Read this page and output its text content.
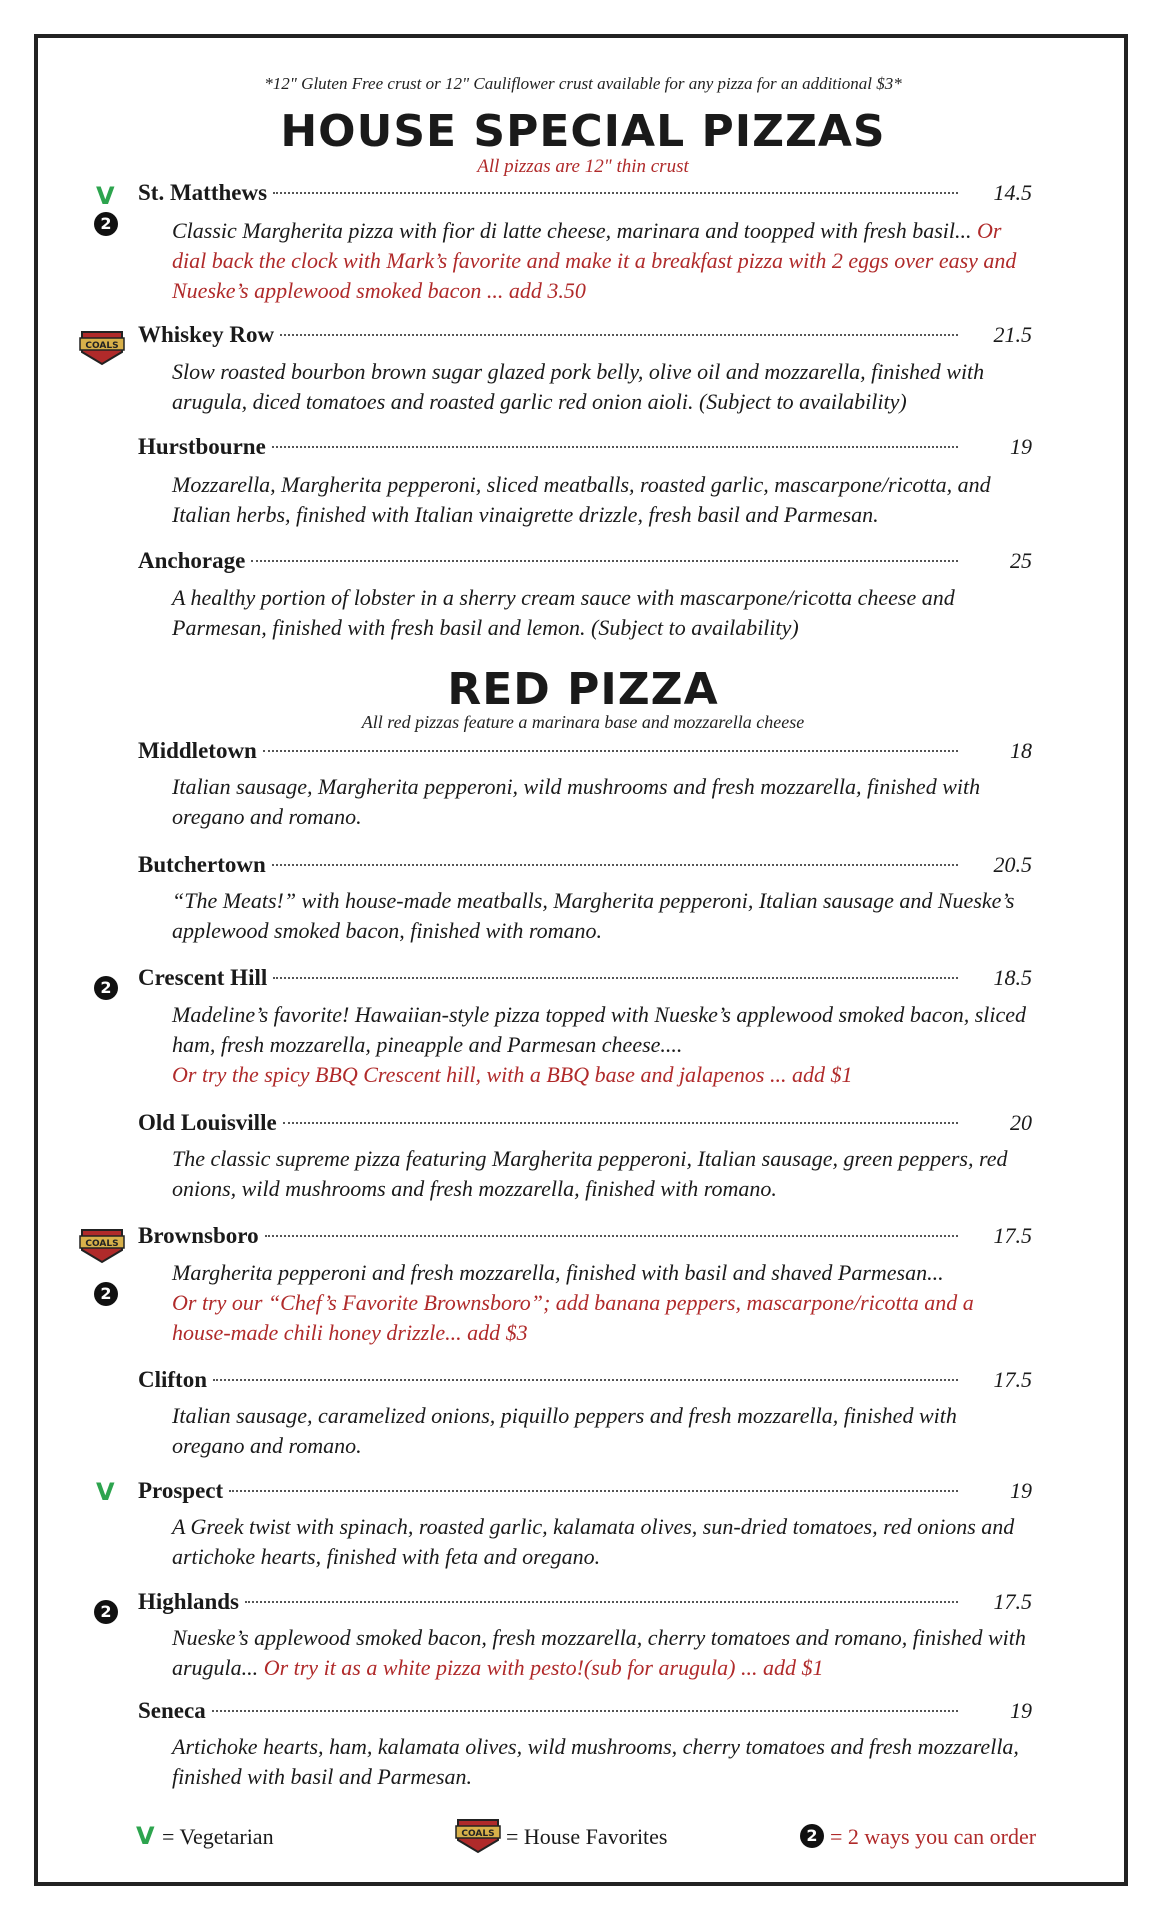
*12" Gluten Free crust or 12" Cauliflower crust available for any pizza for an additional $3*
HOUSE SPECIAL PIZZAS
All pizzas are 12" thin crust
V
2
St. Matthews	14.5
Classic Margherita pizza with fior di latte cheese, marinara and toopped with fresh basil... Or dial back the clock with Mark’s favorite and make it a breakfast pizza with 2 eggs over easy and Nueske’s applewood smoked bacon ... add 3.50
COALS Whiskey Row	21.5
Slow roasted bourbon brown sugar glazed pork belly, olive oil and mozzarella, finished with arugula, diced tomatoes and roasted garlic red onion aioli. (Subject to availability)
Hurstbourne	19
Mozzarella, Margherita pepperoni, sliced meatballs, roasted garlic, mascarpone/ricotta, and Italian herbs, finished with Italian vinaigrette drizzle, fresh basil and Parmesan.
Anchorage	25
A healthy portion of lobster in a sherry cream sauce with mascarpone/ricotta cheese and Parmesan, finished with fresh basil and lemon. (Subject to availability)
RED PIZZA
All red pizzas feature a marinara base and mozzarella cheese
Middletown	18
Italian sausage, Margherita pepperoni, wild mushrooms and fresh mozzarella, finished with oregano and romano.
Butchertown	20.5
“The Meats!” with house-made meatballs, Margherita pepperoni, Italian sausage and Nueske’s applewood smoked bacon, finished with romano.
2 Crescent Hill	18.5
Madeline’s favorite! Hawaiian-style pizza topped with Nueske’s applewood smoked bacon, sliced ham, fresh mozzarella, pineapple and Parmesan cheese....
Or try the spicy BBQ Crescent hill, with a BBQ base and jalapenos ... add $1
Old Louisville	20
The classic supreme pizza featuring Margherita pepperoni, Italian sausage, green peppers, red onions, wild mushrooms and fresh mozzarella, finished with romano.
COALS
2
Brownsboro	17.5
Margherita pepperoni and fresh mozzarella, finished with basil and shaved Parmesan...
Or try our “Chef’s Favorite Brownsboro”; add banana peppers, mascarpone/ricotta and a house-made chili honey drizzle... add $3
Clifton	17.5
Italian sausage, caramelized onions, piquillo peppers and fresh mozzarella, finished with oregano and romano.
V Prospect	19
A Greek twist with spinach, roasted garlic, kalamata olives, sun-dried tomatoes, red onions and artichoke hearts, finished with feta and oregano.
2 Highlands	17.5
Nueske’s applewood smoked bacon, fresh mozzarella, cherry tomatoes and romano, finished with arugula... Or try it as a white pizza with pesto!(sub for arugula) ... add $1
Seneca	19
Artichoke hearts, ham, kalamata olives, wild mushrooms, cherry tomatoes and fresh mozzarella, finished with basil and Parmesan.
V = Vegetarian	COALS = House Favorites	2 = 2 ways you can order
